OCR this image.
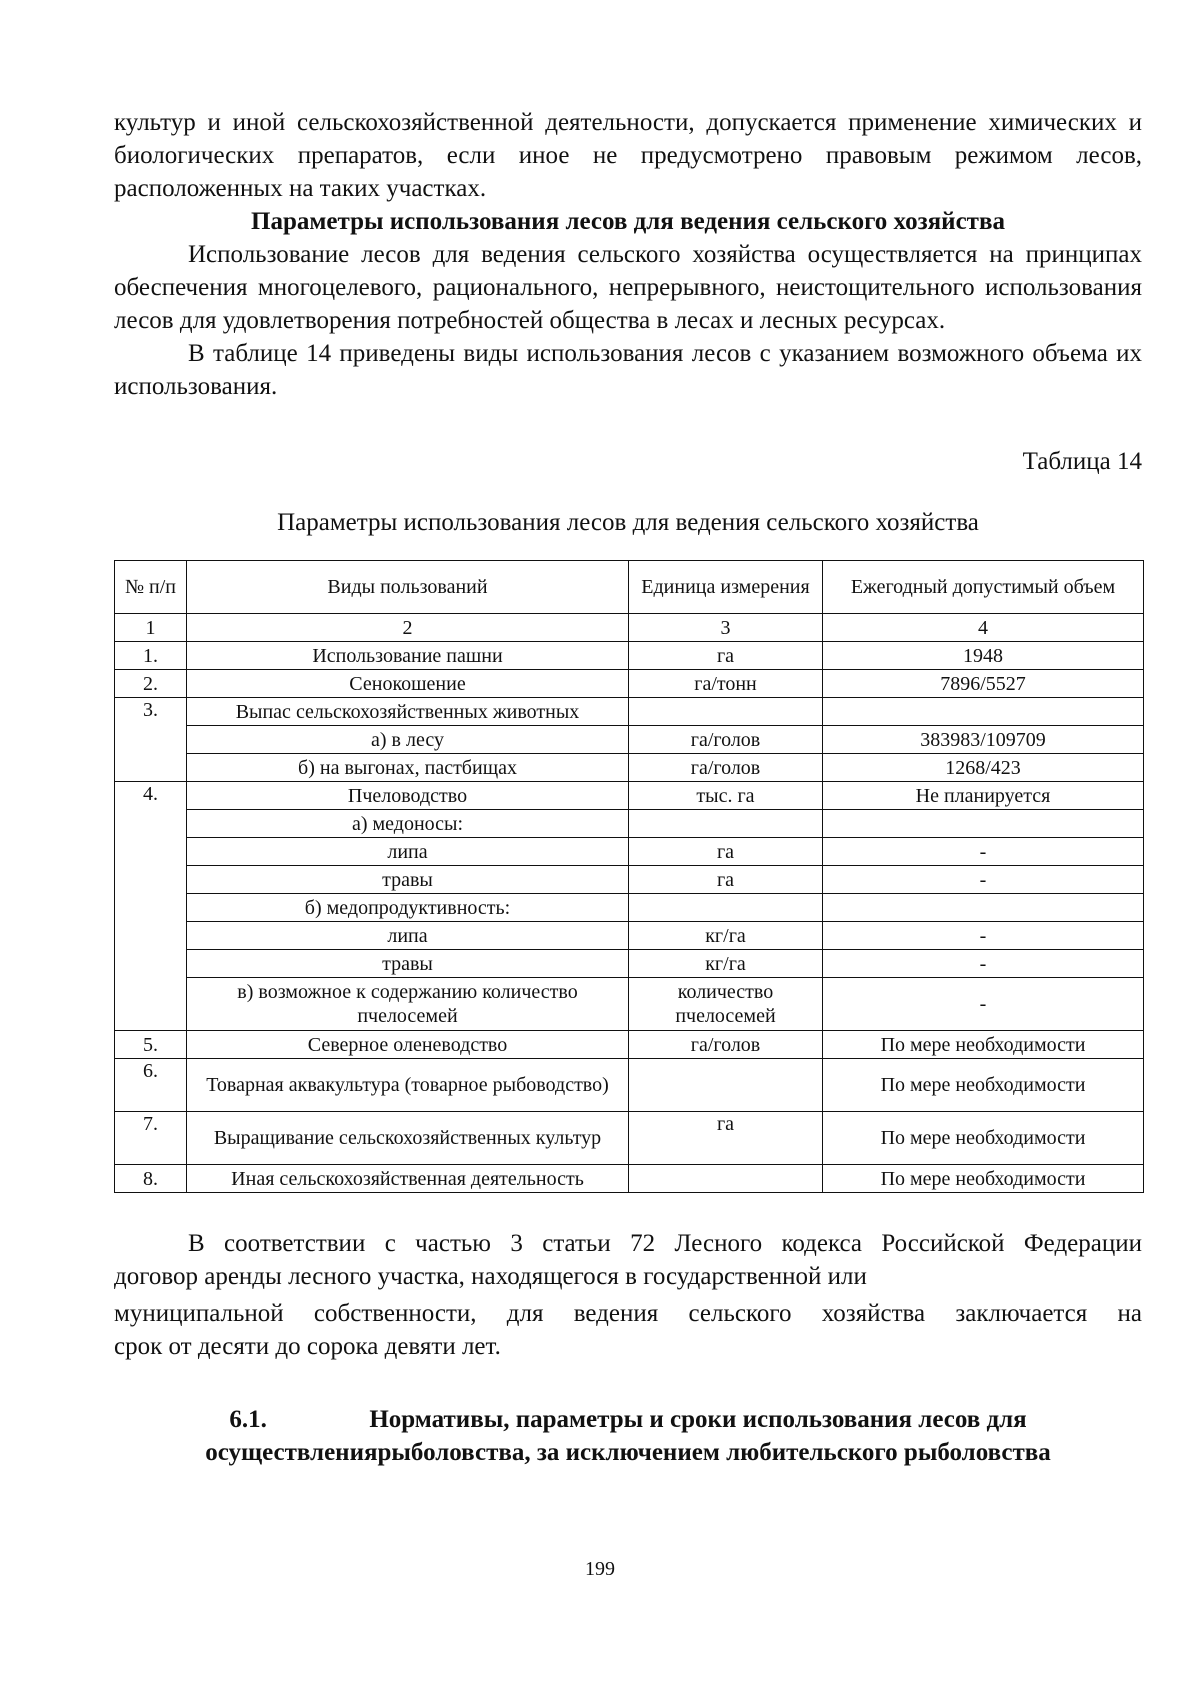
культур и иной сельскохозяйственной деятельности, допускается применение химических и биологических препаратов, если иное не предусмотрено правовым режимом лесов, расположенных на таких участках.

Параметры использования лесов для ведения сельского хозяйства

Использование лесов для ведения сельского хозяйства осуществляется на принципах обеспечения многоцелевого, рационального, непрерывного, неистощительного использования лесов для удовлетворения потребностей общества в лесах и лесных ресурсах.

В таблице 14 приведены виды использования лесов с указанием возможного объема их использования.

Таблица 14

Параметры использования лесов для ведения сельского хозяйства

№ п/п	Виды пользований	Единица измерения	Ежегодный допустимый объем
1	2	3	4
1.	Использование пашни	га	1948
2.	Сенокошение	га/тонн	7896/5527
3.	Выпас сельскохозяйственных животных		
	а) в лесу	га/голов	383983/109709
	б) на выгонах, пастбищах	га/голов	1268/423
4.	Пчеловодство	тыс. га	Не планируется
	а) медоносы:		
	липа	га	-
	травы	га	-
	б) медопродуктивность:		
	липа	кг/га	-
	травы	кг/га	-
	в) возможное к содержанию количество пчелосемей	количество пчелосемей	-
5.	Северное оленеводство	га/голов	По мере необходимости
6.	Товарная аквакультура (товарное рыбоводство)		По мере необходимости
7.	Выращивание сельскохозяйственных культур	га	По мере необходимости
8.	Иная сельскохозяйственная деятельность		По мере необходимости

В соответствии с частью 3 статьи 72 Лесного кодекса Российской Федерации

договор аренды лесного участка, находящегося в государственной или

муниципальной собственности, для ведения сельского хозяйства заключается на

срок от десяти до сорока девяти лет.

6.1.	Нормативы, параметры и сроки использования лесов для

осуществлениярыболовства, за исключением любительского рыболовства

199
